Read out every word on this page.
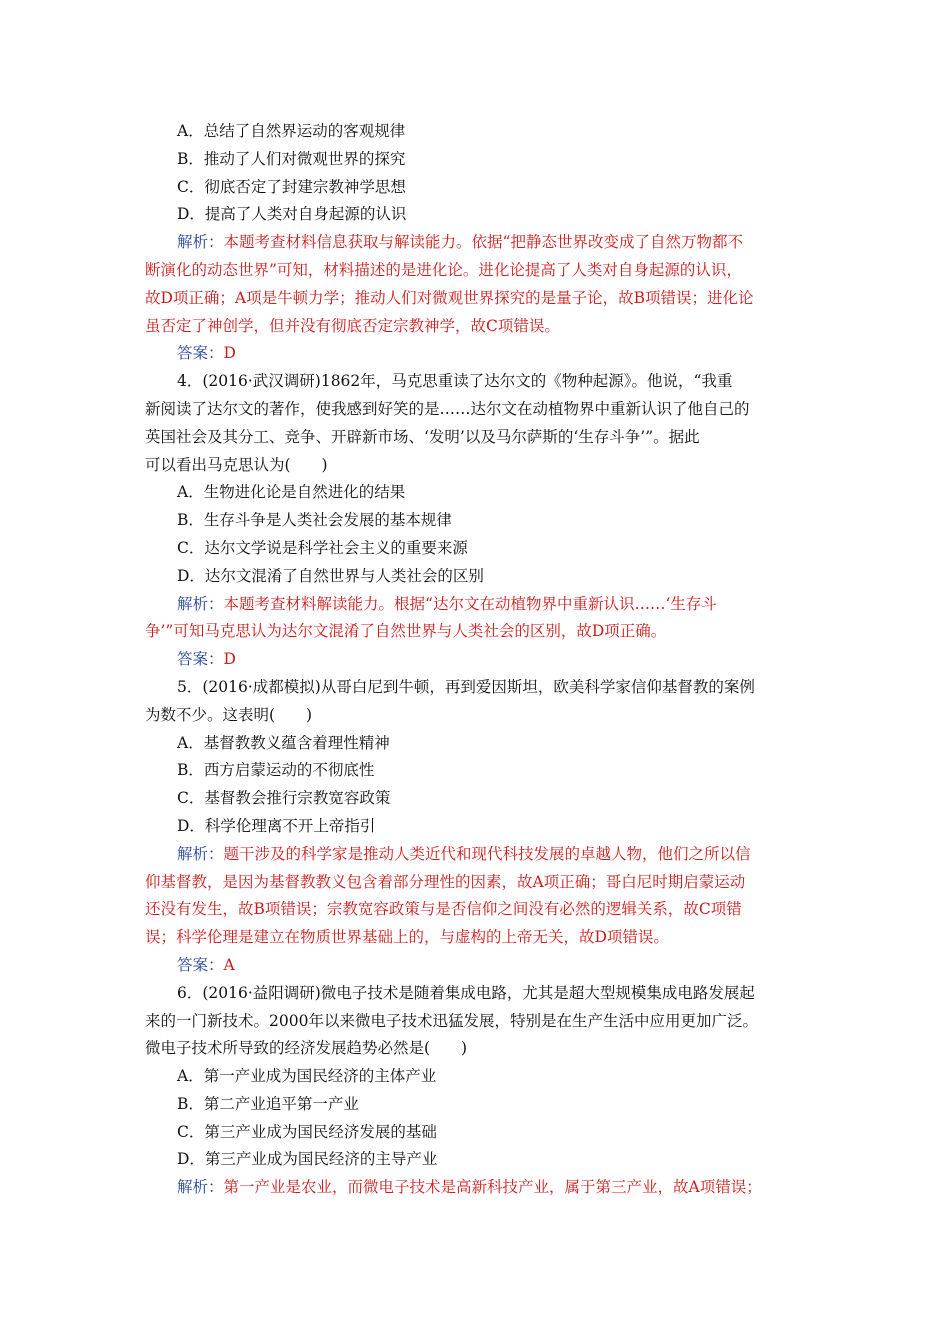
A．总结了自然界运动的客观规律
B．推动了人们对微观世界的探究
C．彻底否定了封建宗教神学思想
D．提高了人类对自身起源的认识
解析：本题考查材料信息获取与解读能力。依据“把静态世界改变成了自然万物都不
断演化的动态世界”可知，材料描述的是进化论。进化论提高了人类对自身起源的认识，
故D项正确；A项是牛顿力学；推动人们对微观世界探究的是量子论，故B项错误；进化论
虽否定了神创学，但并没有彻底否定宗教神学，故C项错误。
答案：D
4．(2016·武汉调研)1862年，马克思重读了达尔文的《物种起源》。他说，“我重
新阅读了达尔文的著作，使我感到好笑的是……达尔文在动植物界中重新认识了他自己的
英国社会及其分工、竞争、开辟新市场、‘发明’以及马尔萨斯的‘生存斗争’”。据此
可以看出马克思认为(　　)
A．生物进化论是自然进化的结果
B．生存斗争是人类社会发展的基本规律
C．达尔文学说是科学社会主义的重要来源
D．达尔文混淆了自然世界与人类社会的区别
解析：本题考查材料解读能力。根据“达尔文在动植物界中重新认识……‘生存斗
争’”可知马克思认为达尔文混淆了自然世界与人类社会的区别，故D项正确。
答案：D
5．(2016·成都模拟)从哥白尼到牛顿，再到爱因斯坦，欧美科学家信仰基督教的案例
为数不少。这表明(　　)
A．基督教教义蕴含着理性精神
B．西方启蒙运动的不彻底性
C．基督教会推行宗教宽容政策
D．科学伦理离不开上帝指引
解析：题干涉及的科学家是推动人类近代和现代科技发展的卓越人物，他们之所以信
仰基督教，是因为基督教教义包含着部分理性的因素，故A项正确；哥白尼时期启蒙运动
还没有发生，故B项错误；宗教宽容政策与是否信仰之间没有必然的逻辑关系，故C项错
误；科学伦理是建立在物质世界基础上的，与虚构的上帝无关，故D项错误。
答案：A
6．(2016·益阳调研)微电子技术是随着集成电路，尤其是超大型规模集成电路发展起
来的一门新技术。2000年以来微电子技术迅猛发展，特别是在生产生活中应用更加广泛。
微电子技术所导致的经济发展趋势必然是(　　)
A．第一产业成为国民经济的主体产业
B．第二产业追平第一产业
C．第三产业成为国民经济发展的基础
D．第三产业成为国民经济的主导产业
解析：第一产业是农业，而微电子技术是高新科技产业，属于第三产业，故A项错误；
